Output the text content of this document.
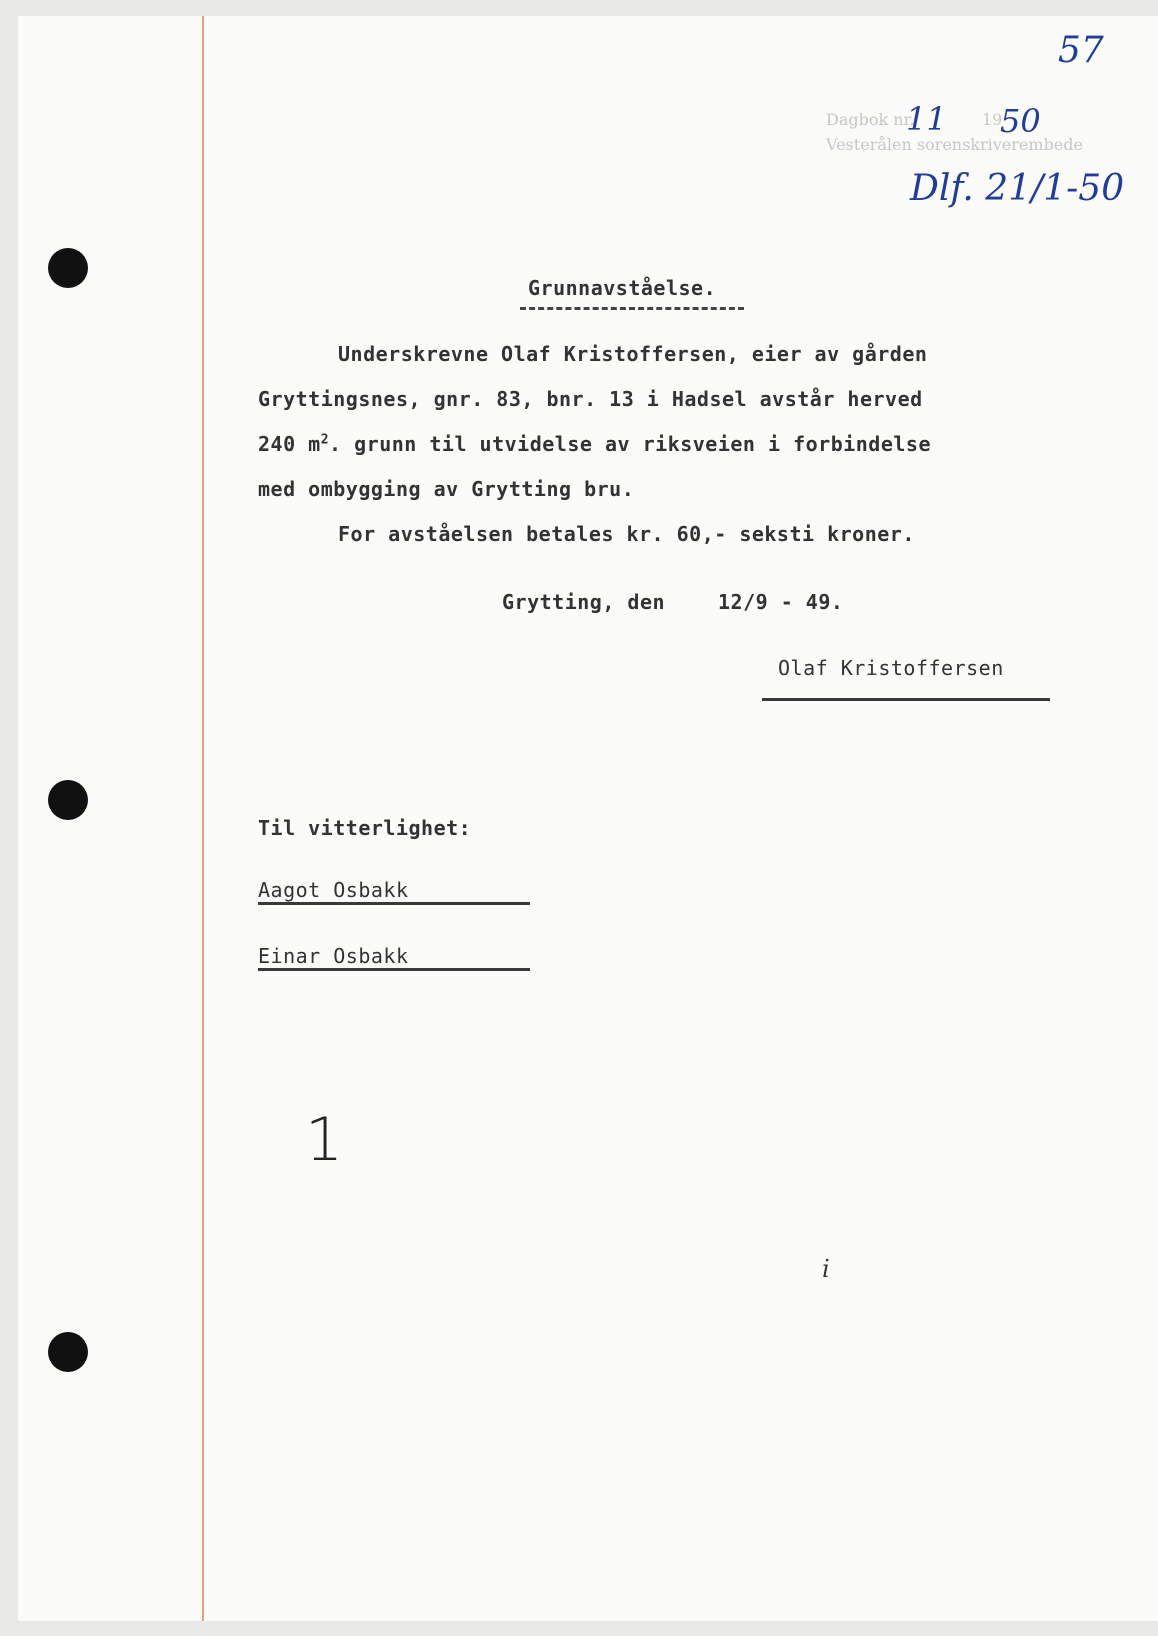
57
11 50
Dlf. 21/1-50
1
i
Dagbok nr.	19
Vesterålen sorenskriverembede
Grunnavståelse.
Underskrevne Olaf Kristoffersen, eier av gården
Gryttingsnes, gnr. 83, bnr. 13 i Hadsel avstår herved
240 $m^2$. grunn til utvidelse av riksveien i forbindelse
med ombygging av Grytting bru.
For avståelsen betales kr. 60,- seksti kroner.
Grytting, den	12/9 - 49.
Olaf Kristoffersen
Til vitterlighet:
Aagot Osbakk
Einar Osbakk
